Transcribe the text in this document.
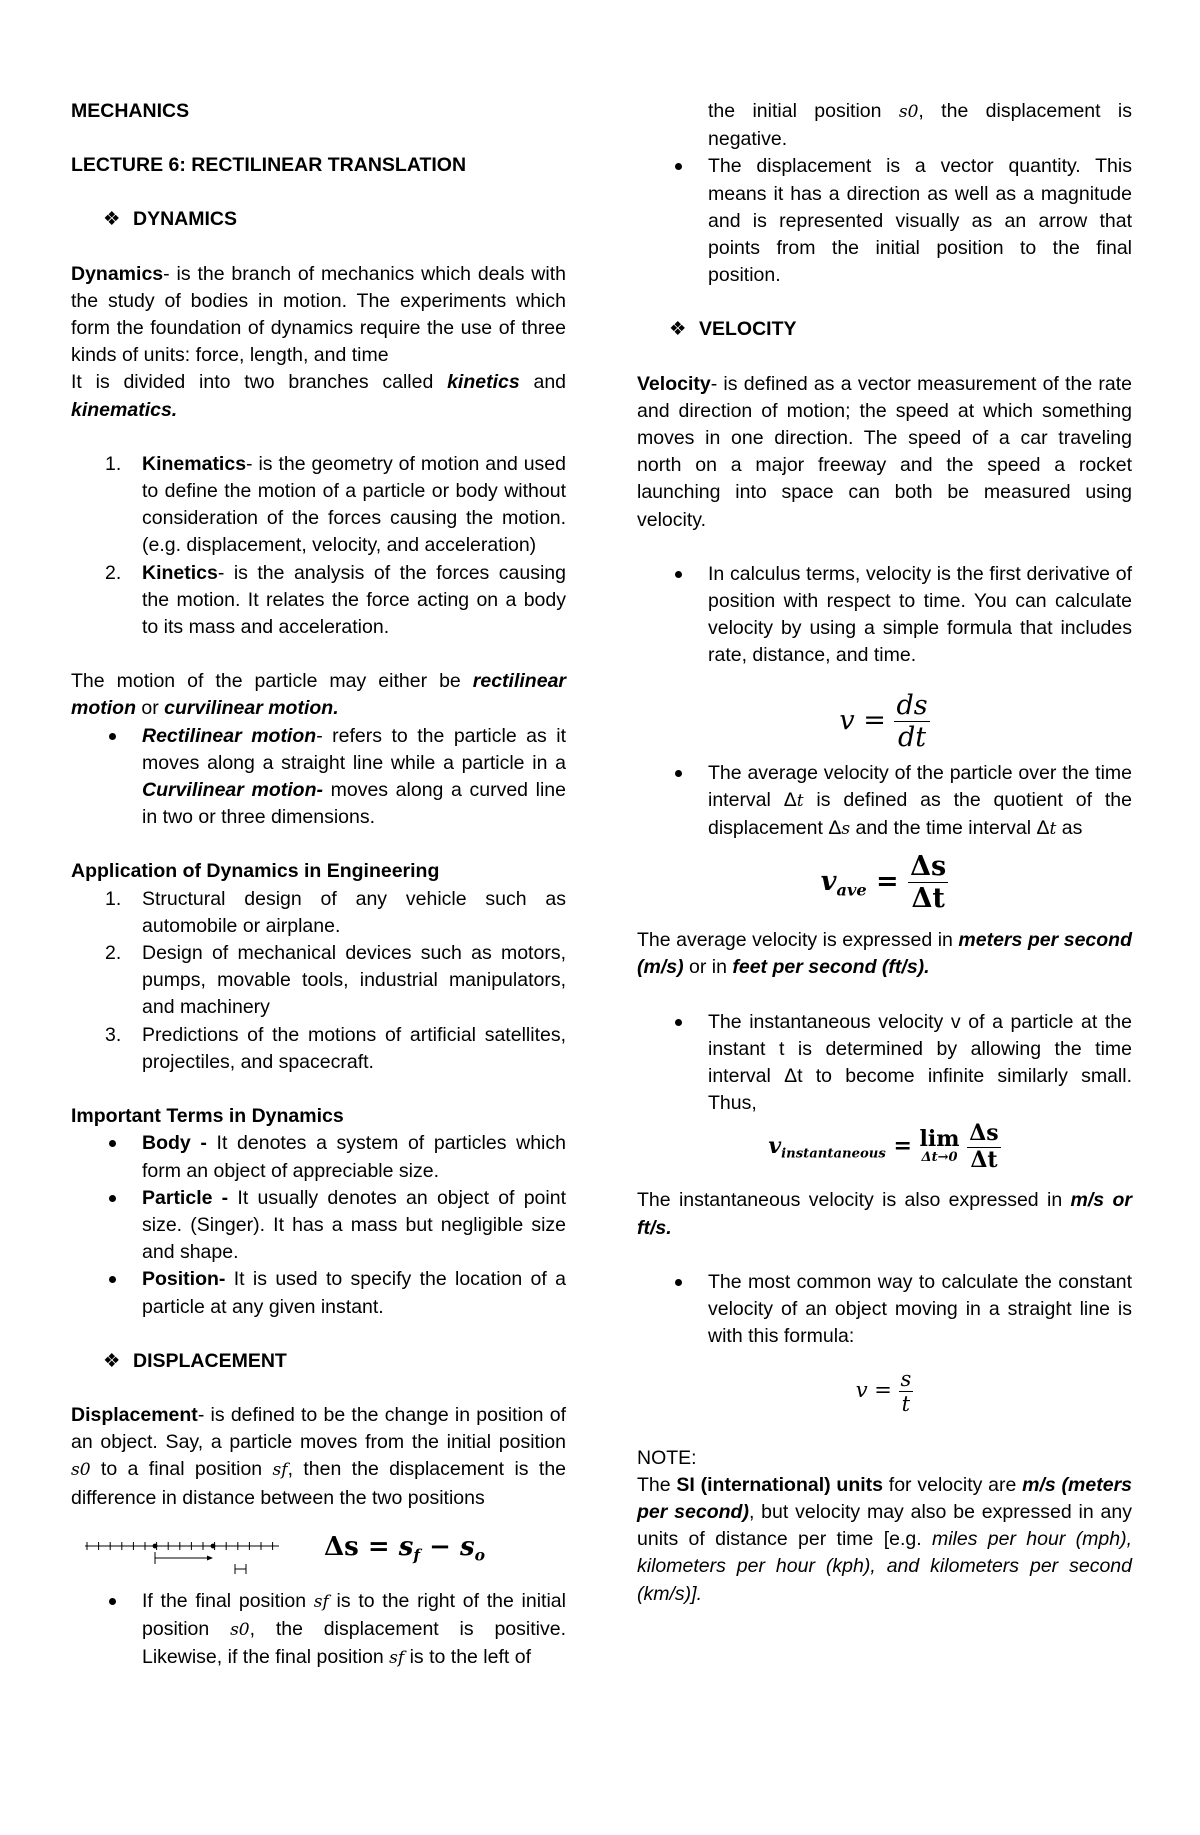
MECHANICS

LECTURE 6: RECTILINEAR TRANSLATION

❖ DYNAMICS

Dynamics- is the branch of mechanics which deals with the study of bodies in motion. The experiments which form the foundation of dynamics require the use of three kinds of units: force, length, and time

It is divided into two branches called kinetics and kinematics.

1. Kinematics- is the geometry of motion and used to define the motion of a particle or body without consideration of the forces causing the motion. (e.g. displacement, velocity, and acceleration)
2. Kinetics- is the analysis of the forces causing the motion. It relates the force acting on a body to its mass and acceleration.

The motion of the particle may either be rectilinear motion or curvilinear motion.

Rectilinear motion- refers to the particle as it moves along a straight line while a particle in a Curvilinear motion- moves along a curved line in two or three dimensions.

Application of Dynamics in Engineering

1. Structural design of any vehicle such as automobile or airplane.
2. Design of mechanical devices such as motors, pumps, movable tools, industrial manipulators, and machinery
3. Predictions of the motions of artificial satellites, projectiles, and spacecraft.

Important Terms in Dynamics

Body - It denotes a system of particles which form an object of appreciable size.
Particle - It usually denotes an object of point size. (Singer). It has a mass but negligible size and shape.
Position- It is used to specify the location of a particle at any given instant.

❖ DISPLACEMENT

Displacement- is defined to be the change in position of an object. Say, a particle moves from the initial position s0 to a final position sf, then the displacement is the difference in distance between the two positions

$\Delta s = s_f - s_o$
If the final position sf is to the right of the initial position s0, the displacement is positive. Likewise, if the final position sf is to the left of

the initial position s0, the displacement is negative.

The displacement is a vector quantity. This means it has a direction as well as a magnitude and is represented visually as an arrow that points from the initial position to the final position.

❖ VELOCITY

Velocity- is defined as a vector measurement of the rate and direction of motion; the speed at which something moves in one direction. The speed of a car traveling north on a major freeway and the speed a rocket launching into space can both be measured using velocity.

In calculus terms, velocity is the first derivative of position with respect to time. You can calculate velocity by using a simple formula that includes rate, distance, and time.
$v = \frac{ds}{dt}$
The average velocity of the particle over the time interval Δt is defined as the quotient of the displacement Δs and the time interval Δt as
$v_{ave} = \frac{\Delta s}{\Delta t}$

The average velocity is expressed in meters per second (m/s) or in feet per second (ft/s).

The instantaneous velocity v of a particle at the instant t is determined by allowing the time interval Δt to become infinite similarly small. Thus,
$v_{instantaneous} = \lim$
Δt→0
$\frac{\Delta s}{\Delta t}$

The instantaneous velocity is also expressed in m/s or ft/s.

The most common way to calculate the constant velocity of an object moving in a straight line is with this formula:
$v = \frac{s}{t}$

NOTE:

The SI (international) units for velocity are m/s (meters per second), but velocity may also be expressed in any units of distance per time [e.g. miles per hour (mph), kilometers per hour (kph), and kilometers per second (km/s)].
